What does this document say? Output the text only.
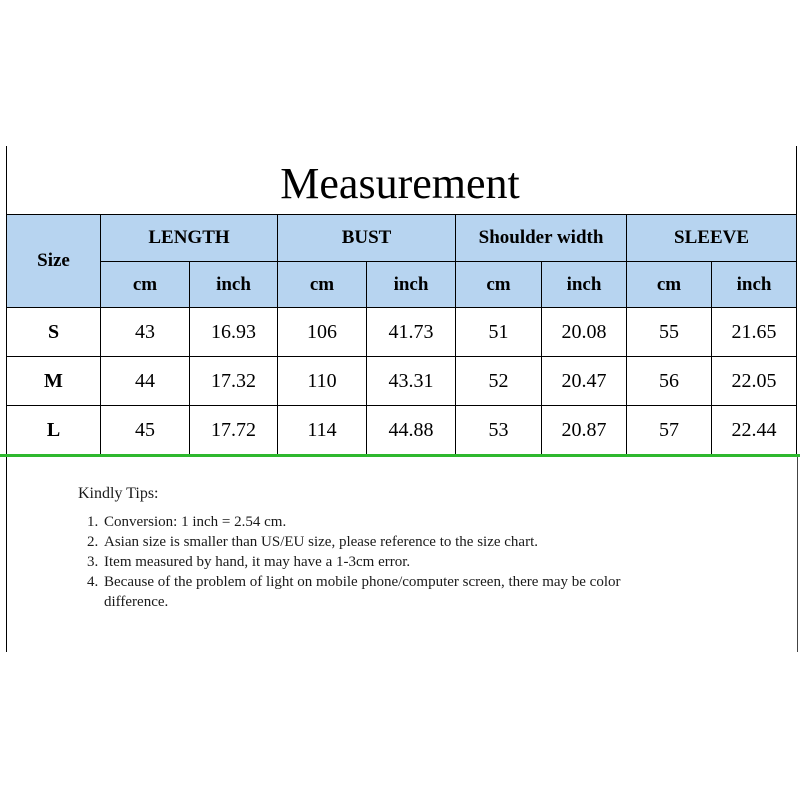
Measurement
Size	LENGTH		BUST		Shoulder width		SLEEVE	
	cm	inch	cm	inch	cm	inch	cm	inch
S	43	16.93	106	41.73	51	20.08	55	21.65
M	44	17.32	110	43.31	52	20.47	56	22.05
L	45	17.72	114	44.88	53	20.87	57	22.44
Kindly Tips:
1. Conversion: 1 inch = 2.54 cm.
2. Asian size is smaller than US/EU size, please reference to the size chart.
3. Item measured by hand, it may have a 1-3cm error.
4. Because of the problem of light on mobile phone/computer screen, there may be color difference.
